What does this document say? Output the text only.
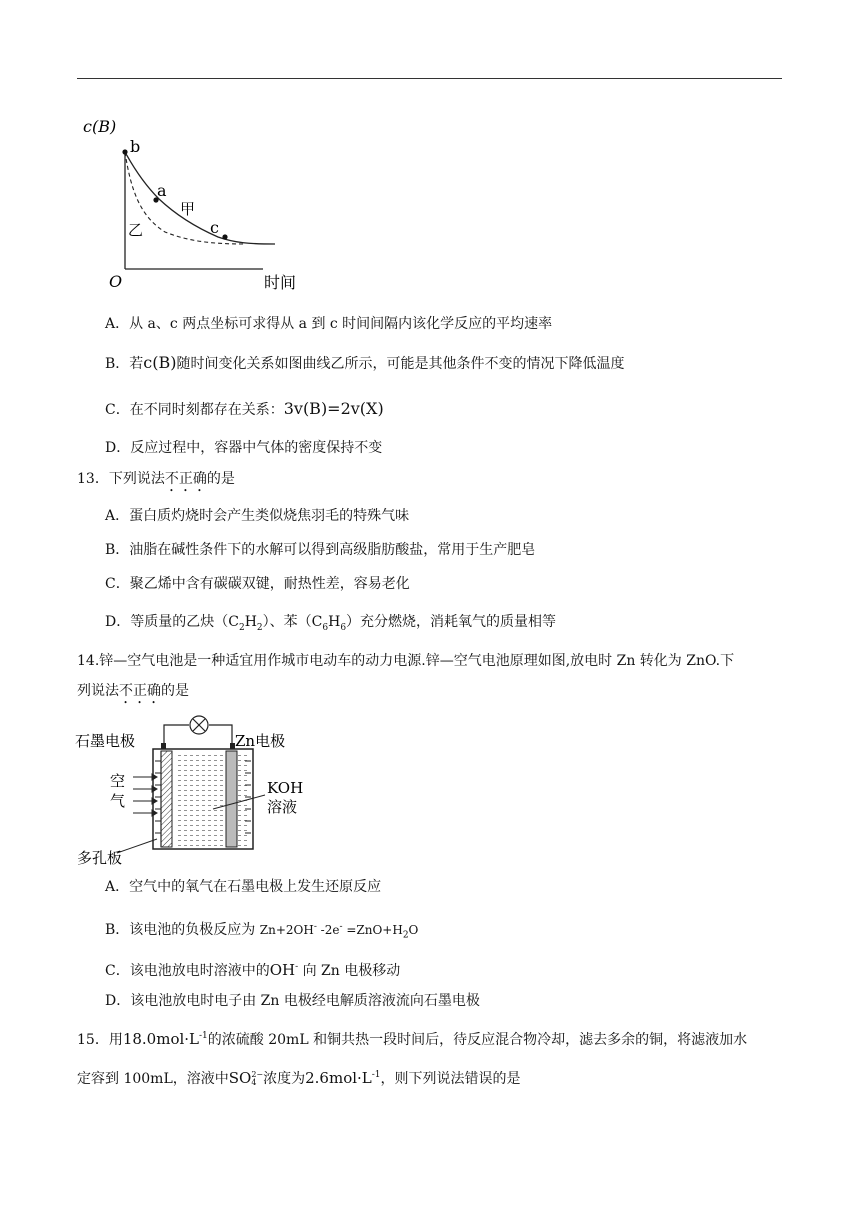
c(B)
b
a
c
甲
乙
O	时间
A．从 a、c 两点坐标可求得从 a 到 c 时间间隔内该化学反应的平均速率
B．若c(B)随时间变化关系如图曲线乙所示，可能是其他条件不变的情况下降低温度
C．在不同时刻都存在关系：3v(B)=2v(X)
D．反应过程中，容器中气体的密度保持不变
13．下列说法不正确的是
A．蛋白质灼烧时会产生类似烧焦羽毛的特殊气味
B．油脂在碱性条件下的水解可以得到高级脂肪酸盐，常用于生产肥皂
C．聚乙烯中含有碳碳双键，耐热性差，容易老化
D．等质量的乙炔$(C_2H_2)$、苯$(C_6H_6)$充分燃烧，消耗氧气的质量相等
14.锌—空气电池是一种适宜用作城市电动车的动力电源.锌—空气电池原理如图,放电时 Zn 转化为 ZnO.下
列说法不正确的是
石墨电极	Zn电极
空
气
KOH
溶液
多孔板
A．空气中的氧气在石墨电极上发生还原反应
B．该电池的负极反应为 Zn+2OH- $-2e^- =ZnO+H_2O$
C．该电池放电时溶液中的OH- 向 Zn 电极移动
D．该电池放电时电子由 Zn 电极经电解质溶液流向石墨电极
15．用$18.0mol\cdot L^{-1}$的浓硫酸 20mL 和铜共热一段时间后，待反应混合物冷却，滤去多余的铜，将滤液加水
定容到 100mL，溶液中SO 2−
4 浓度为$2.6mol\cdot L^{-1}$，则下列说法错误的是
